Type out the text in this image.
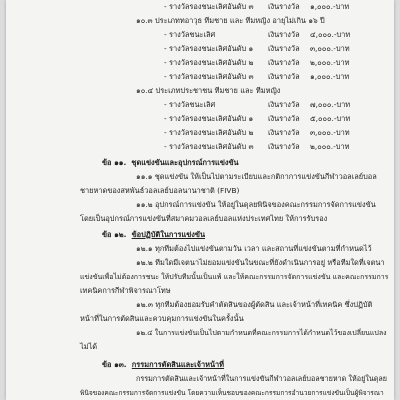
- รางวัลรองชนะเลิศอันดับ ๓ เงินรางวัล ๑,๐๐๐.-บาท
๑๐.๓ ประเภททอาวุธ ทีมชาย และ ทีมหญิง อายุไม่เกิน ๑๖ ปี
- รางวัลชนะเลิศ	เงินรางวัล ๔,๐๐๐.-บาท
- รางวัลรองชนะเลิศอันดับ ๑ เงินรางวัล ๓,๐๐๐.-บาท
- รางวัลรองชนะเลิศอันดับ ๒ เงินรางวัล ๒,๐๐๐.-บาท
- รางวัลรองชนะเลิศอันดับ ๓ เงินรางวัล ๑,๐๐๐.-บาท
๑๐.๔ ประเภทประชาชน ทีมชาย และ ทีมหญิง
- รางวัลชนะเลิศ	เงินรางวัล ๗,๐๐๐.-บาท
- รางวัลรองชนะเลิศอันดับ ๑ เงินรางวัล ๕,๐๐๐.-บาท
- รางวัลรองชนะเลิศอันดับ ๒ เงินรางวัล ๓,๐๐๐.-บาท
- รางวัลรองชนะเลิศอันดับ ๓ เงินรางวัล ๒,๐๐๐.-บาท
ข้อ ๑๑. ชุดแข่งขันและอุปกรณ์การแข่งขัน
๑๑.๑ ชุดแข่งขัน ให้เป็นไปตามระเบียบและกติกาการแข่งขันกีฬาวอลเลย์บอล
ชายหาดของสหพันธ์วอลเลย์บอลนานาชาติ (FIVB)
๑๑.๒ อุปกรณ์การแข่งขัน ให้อยู่ในดุลยพินิจของคณะกรรมการจัดการแข่งขัน
โดยเป็นอุปกรณ์การแข่งขันที่สมาคมวอลเลย์บอลแห่งประเทศไทย ให้การรับรอง
ข้อ ๑๒. ข้อปฏิบัติในการแข่งขัน
๑๒.๑ ทุกทีมต้องไปแข่งขันตามวัน เวลา และสถานที่แข่งขันตามที่กำหนดไว้
๑๒.๒ ทีมใดมีเจตนาไม่ยอมแข่งขันในขณะที่ยังดำเนินการอยู่ หรือทีมใดที่เจตนา
แข่งขันเพื่อไม่ต้องการชนะ ให้ปรับทีมนั้นเป็นแพ้ และให้คณะกรรมการจัดการแข่งขัน และคณะกรรมการ
เทคนิคการกีฬาพิจารณาโทษ
๑๒.๓ ทุกทีมต้องยอมรับคำตัดสินของผู้ตัดสิน และเจ้าหน้าที่เทคนิค ซึ่งปฏิบัติ
หน้าที่ในการตัดสินและควบคุมการแข่งขันในครั้งนั้น
๑๒.๔ ในการแข่งขันเป็นไปตามกำหนดที่คณะกรรมการได้กำหนดไว้ของเปลี่ยนแปลง
ไม่ได้
ข้อ ๑๓. กรรมการตัดสินและเจ้าหน้าที่
กรรมการตัดสินและเจ้าหน้าที่ในการแข่งขันกีฬาวอลเลย์บอลชายหาด ให้อยู่ในดุลย
พินิจของคณะกรรมการจัดการแข่งขัน โดยความเห็นชอบของคณะกรรมการอำนวยการแข่งขันเป็นผู้พิจารณา
